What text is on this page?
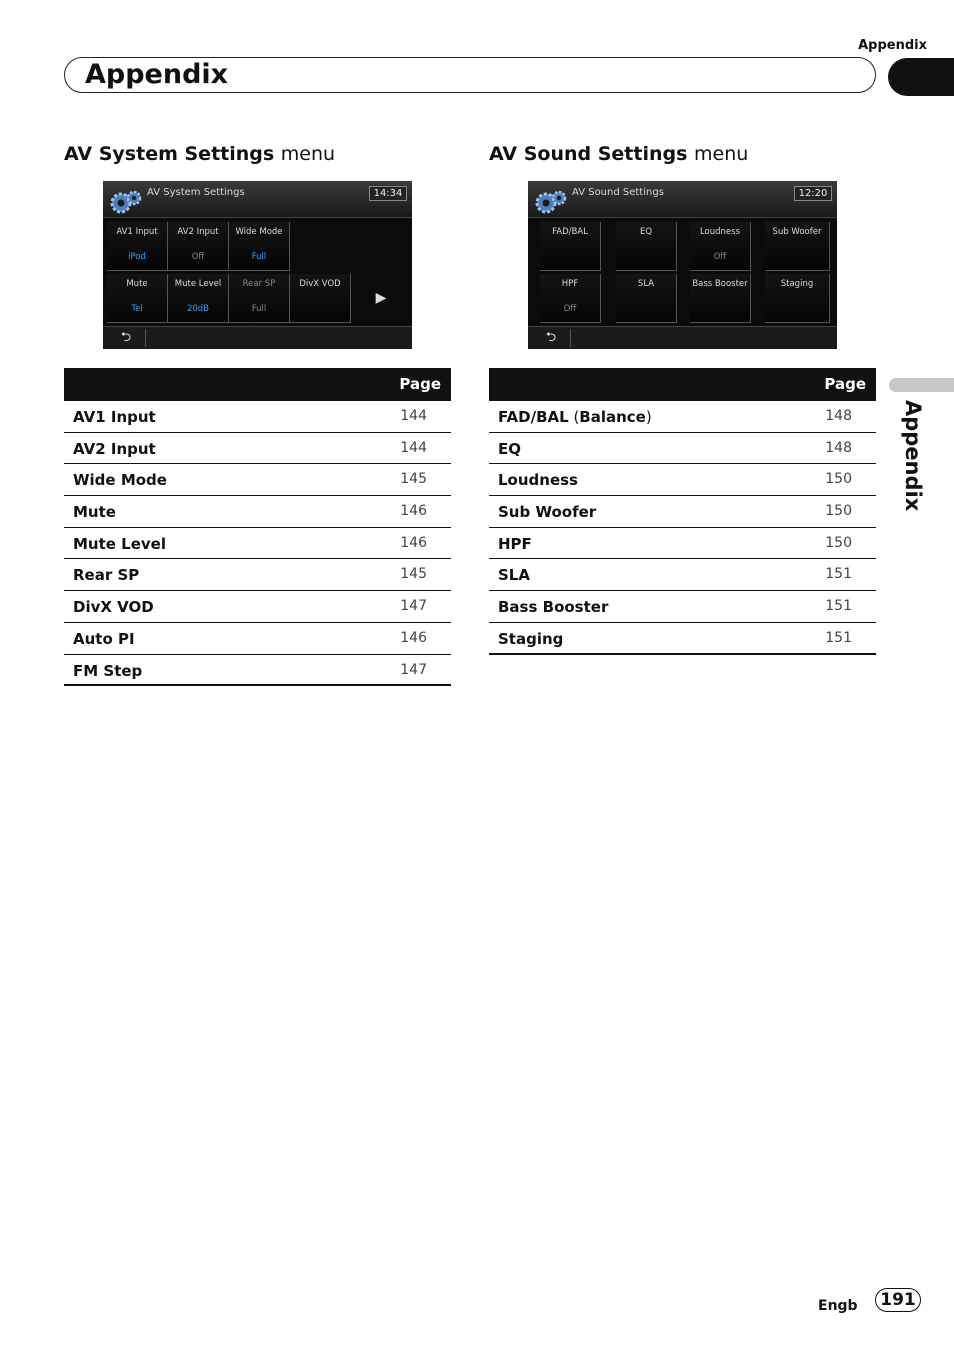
Appendix
Appendix
AV System Settings menu	AV Sound Settings menu
AV System Settings	14:34
AV1 Input
iPod
AV2 Input
Off
Wide Mode
Full
Mute
Tel
Mute Level
20dB
Rear SP
Full
DivX VOD
▶
⮌
AV Sound Settings	12:20
FAD/BAL	EQ	Loudness
Off
Sub Woofer
HPF
Off
SLA	Bass Booster	Staging
⮌
Page
AV1 Input	144
AV2 Input	144
Wide Mode	145
Mute	146
Mute Level	146
Rear SP	145
DivX VOD	147
Auto PI	146
FM Step	147
Page
FAD/BAL (Balance)	148
EQ	148
Loudness	150
Sub Woofer	150
HPF	150
SLA	151
Bass Booster	151
Staging	151
Appendix
Engb	191
